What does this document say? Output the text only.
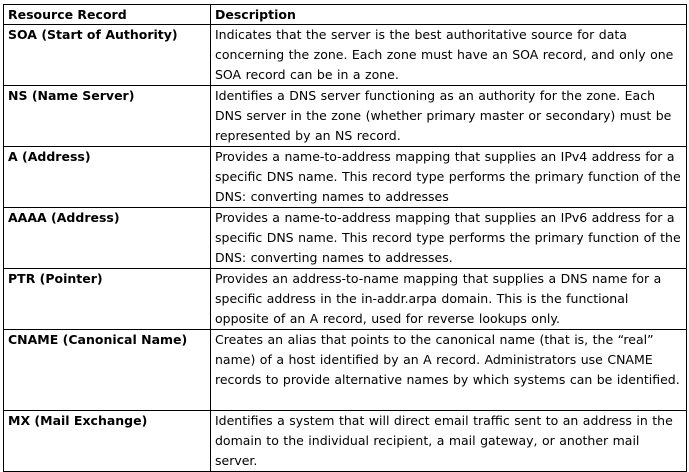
Resource Record	Description
SOA (Start of Authority)	Indicates that the server is the best authoritative source for data concerning the zone. Each zone must have an SOA record, and only one SOA record can be in a zone.
NS (Name Server)	Identifies a DNS server functioning as an authority for the zone. Each DNS server in the zone (whether primary master or secondary) must be represented by an NS record.
A (Address)	Provides a name-to-address mapping that supplies an IPv4 address for a specific DNS name. This record type performs the primary function of the DNS: converting names to addresses
AAAA (Address)	Provides a name-to-address mapping that supplies an IPv6 address for a specific DNS name. This record type performs the primary function of the DNS: converting names to addresses.
PTR (Pointer)	Provides an address-to-name mapping that supplies a DNS name for a specific address in the in-addr.arpa domain. This is the functional opposite of an A record, used for reverse lookups only.
CNAME (Canonical Name)	Creates an alias that points to the canonical name (that is, the “real” name) of a host identified by an A record. Administrators use CNAME records to provide alternative names by which systems can be identified.
MX (Mail Exchange)	Identifies a system that will direct email traffic sent to an address in the domain to the individual recipient, a mail gateway, or another mail server.
